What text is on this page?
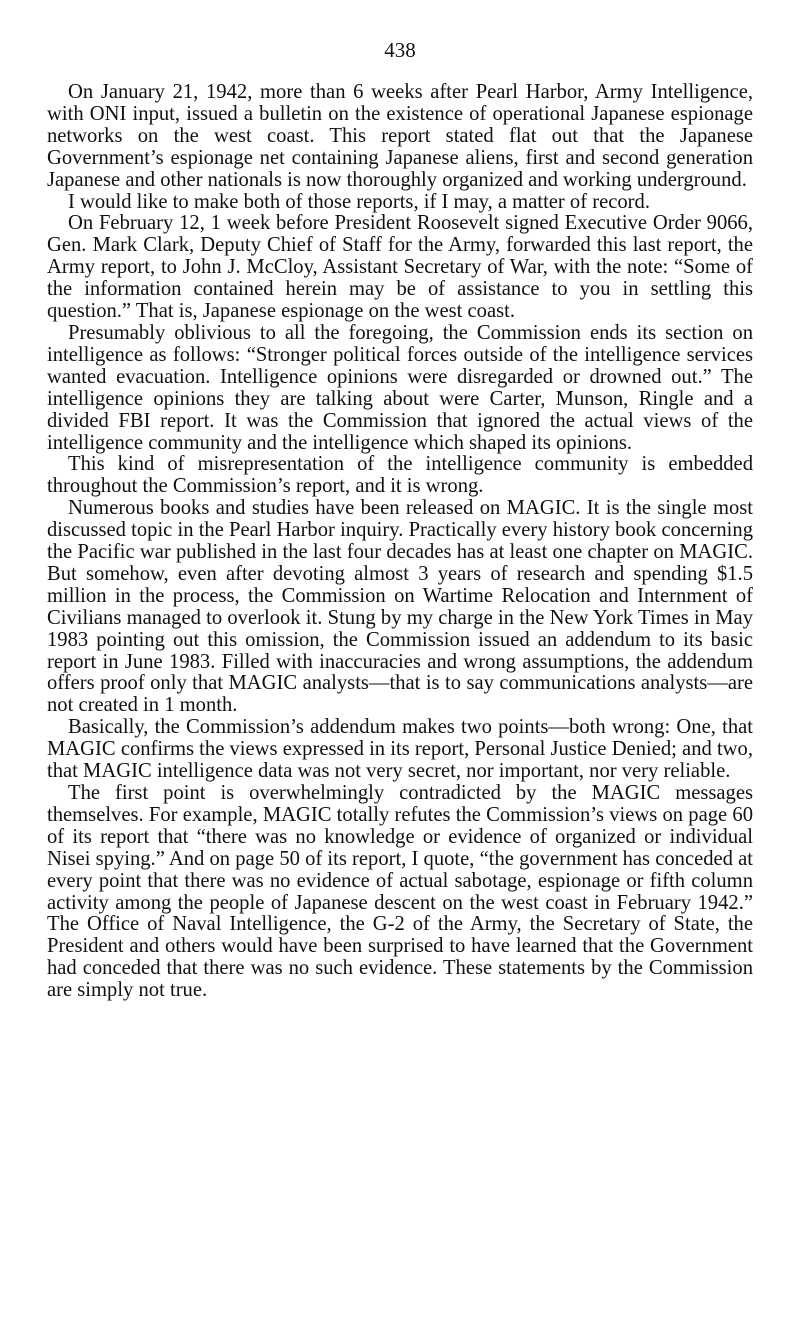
438

On January 21, 1942, more than 6 weeks after Pearl Harbor, Army Intelligence, with ONI input, issued a bulletin on the existence of operational Japanese espionage networks on the west coast. This report stated flat out that the Japanese Government’s espionage net containing Japanese aliens, first and second generation Japanese and other nationals is now thoroughly organized and working underground.

I would like to make both of those reports, if I may, a matter of record.

On February 12, 1 week before President Roosevelt signed Executive Order 9066, Gen. Mark Clark, Deputy Chief of Staff for the Army, forwarded this last report, the Army report, to John J. McCloy, Assistant Secretary of War, with the note: “Some of the information contained herein may be of assistance to you in settling this question.” That is, Japanese espionage on the west coast.

Presumably oblivious to all the foregoing, the Commission ends its section on intelligence as follows: “Stronger political forces outside of the intelligence services wanted evacuation. Intelligence opinions were disregarded or drowned out.” The intelligence opinions they are talking about were Carter, Munson, Ringle and a divided FBI report. It was the Commission that ignored the actual views of the intelligence community and the intelligence which shaped its opinions.

This kind of misrepresentation of the intelligence community is embedded throughout the Commission’s report, and it is wrong.

Numerous books and studies have been released on MAGIC. It is the single most discussed topic in the Pearl Harbor inquiry. Practically every history book concerning the Pacific war published in the last four decades has at least one chapter on MAGIC. But somehow, even after devoting almost 3 years of research and spending $1.5 million in the process, the Commission on Wartime Relocation and Internment of Civilians managed to overlook it. Stung by my charge in the New York Times in May 1983 pointing out this omission, the Commission issued an addendum to its basic report in June 1983. Filled with inaccuracies and wrong assumptions, the addendum offers proof only that MAGIC analysts—that is to say communications analysts—are not created in 1 month.

Basically, the Commission’s addendum makes two points—both wrong: One, that MAGIC confirms the views expressed in its report, Personal Justice Denied; and two, that MAGIC intelligence data was not very secret, nor important, nor very reliable.

The first point is overwhelmingly contradicted by the MAGIC messages themselves. For example, MAGIC totally refutes the Commission’s views on page 60 of its report that “there was no knowledge or evidence of organized or individual Nisei spying.” And on page 50 of its report, I quote, “the government has conceded at every point that there was no evidence of actual sabotage, espionage or fifth column activity among the people of Japanese descent on the west coast in February 1942.” The Office of Naval Intelligence, the G-2 of the Army, the Secretary of State, the President and others would have been surprised to have learned that the Government had conceded that there was no such evidence. These statements by the Commission are simply not true.
